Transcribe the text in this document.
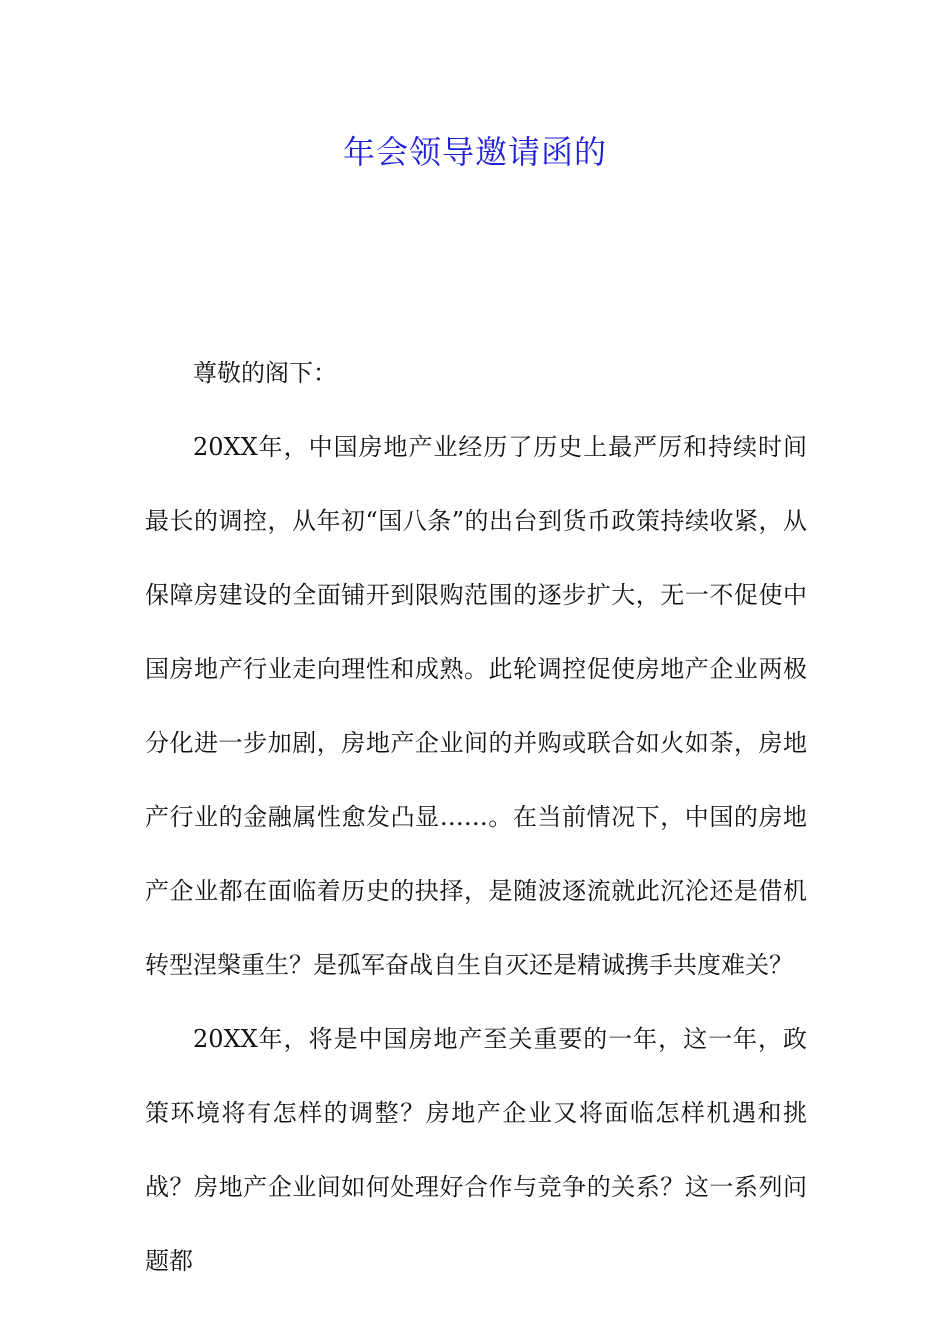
年会领导邀请函的

尊敬的阁下：

20XX年，中国房地产业经历了历史上最严厉和持续时间最长的调控，从年初“国八条”的出台到货币政策持续收紧，从保障房建设的全面铺开到限购范围的逐步扩大，无一不促使中国房地产行业走向理性和成熟。此轮调控促使房地产企业两极分化进一步加剧，房地产企业间的并购或联合如火如荼，房地产行业的金融属性愈发凸显……。在当前情况下，中国的房地产企业都在面临着历史的抉择，是随波逐流就此沉沦还是借机转型涅槃重生？是孤军奋战自生自灭还是精诚携手共度难关？

20XX年，将是中国房地产至关重要的一年，这一年，政策环境将有怎样的调整？房地产企业又将面临怎样机遇和挑战？房地产企业间如何处理好合作与竞争的关系？这一系列问题都
